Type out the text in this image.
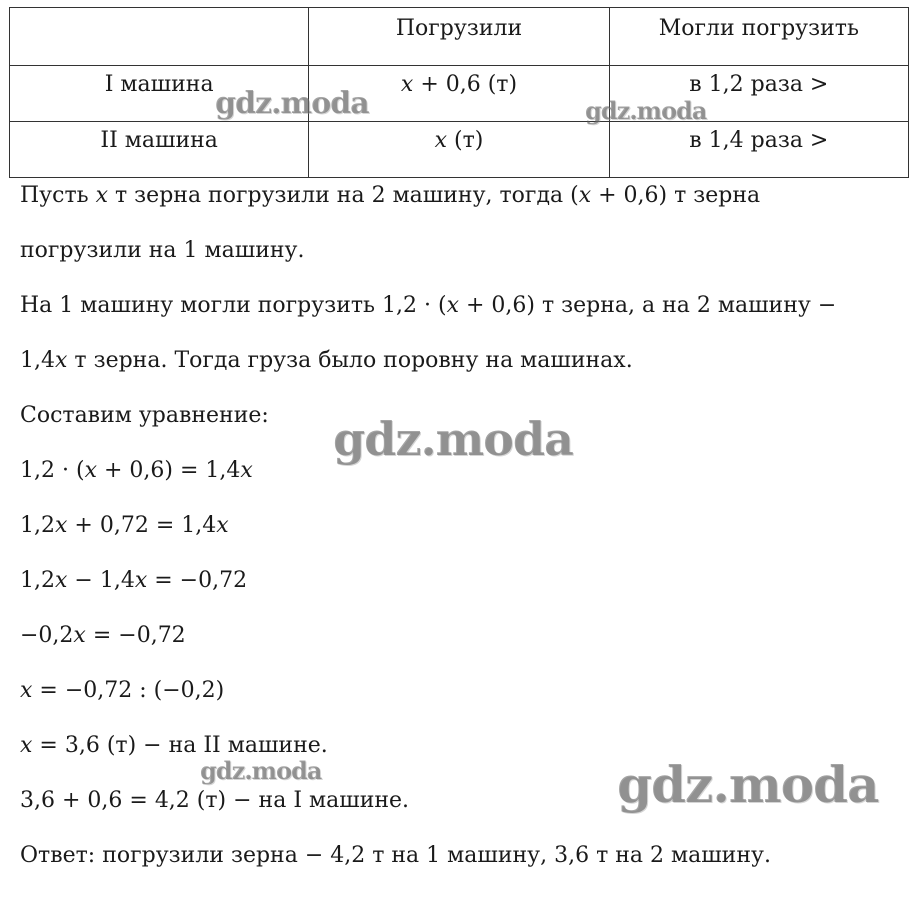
	Погрузили	Могли погрузить
I машина	x + 0,6 (т)	в 1,2 раза >
II машина	x (т)	в 1,4 раза >
Пусть x т зерна погрузили на 2 машину, тогда (x + 0,6) т зерна
погрузили на 1 машину.
На 1 машину могли погрузить 1,2 · (x + 0,6) т зерна, а на 2 машину −
1,4x т зерна. Тогда груза было поровну на машинах.
Составим уравнение:
1,2 · (x + 0,6) = 1,4x
1,2x + 0,72 = 1,4x
1,2x − 1,4x = −0,72
−0,2x = −0,72
x = −0,72 : (−0,2)
x = 3,6 (т) − на II машине.
3,6 + 0,6 = 4,2 (т) − на I машине.
Ответ: погрузили зерна − 4,2 т на 1 машину, 3,6 т на 2 машину.
gdz.moda	gdz.moda
gdz.moda
gdz.moda	gdz.moda
